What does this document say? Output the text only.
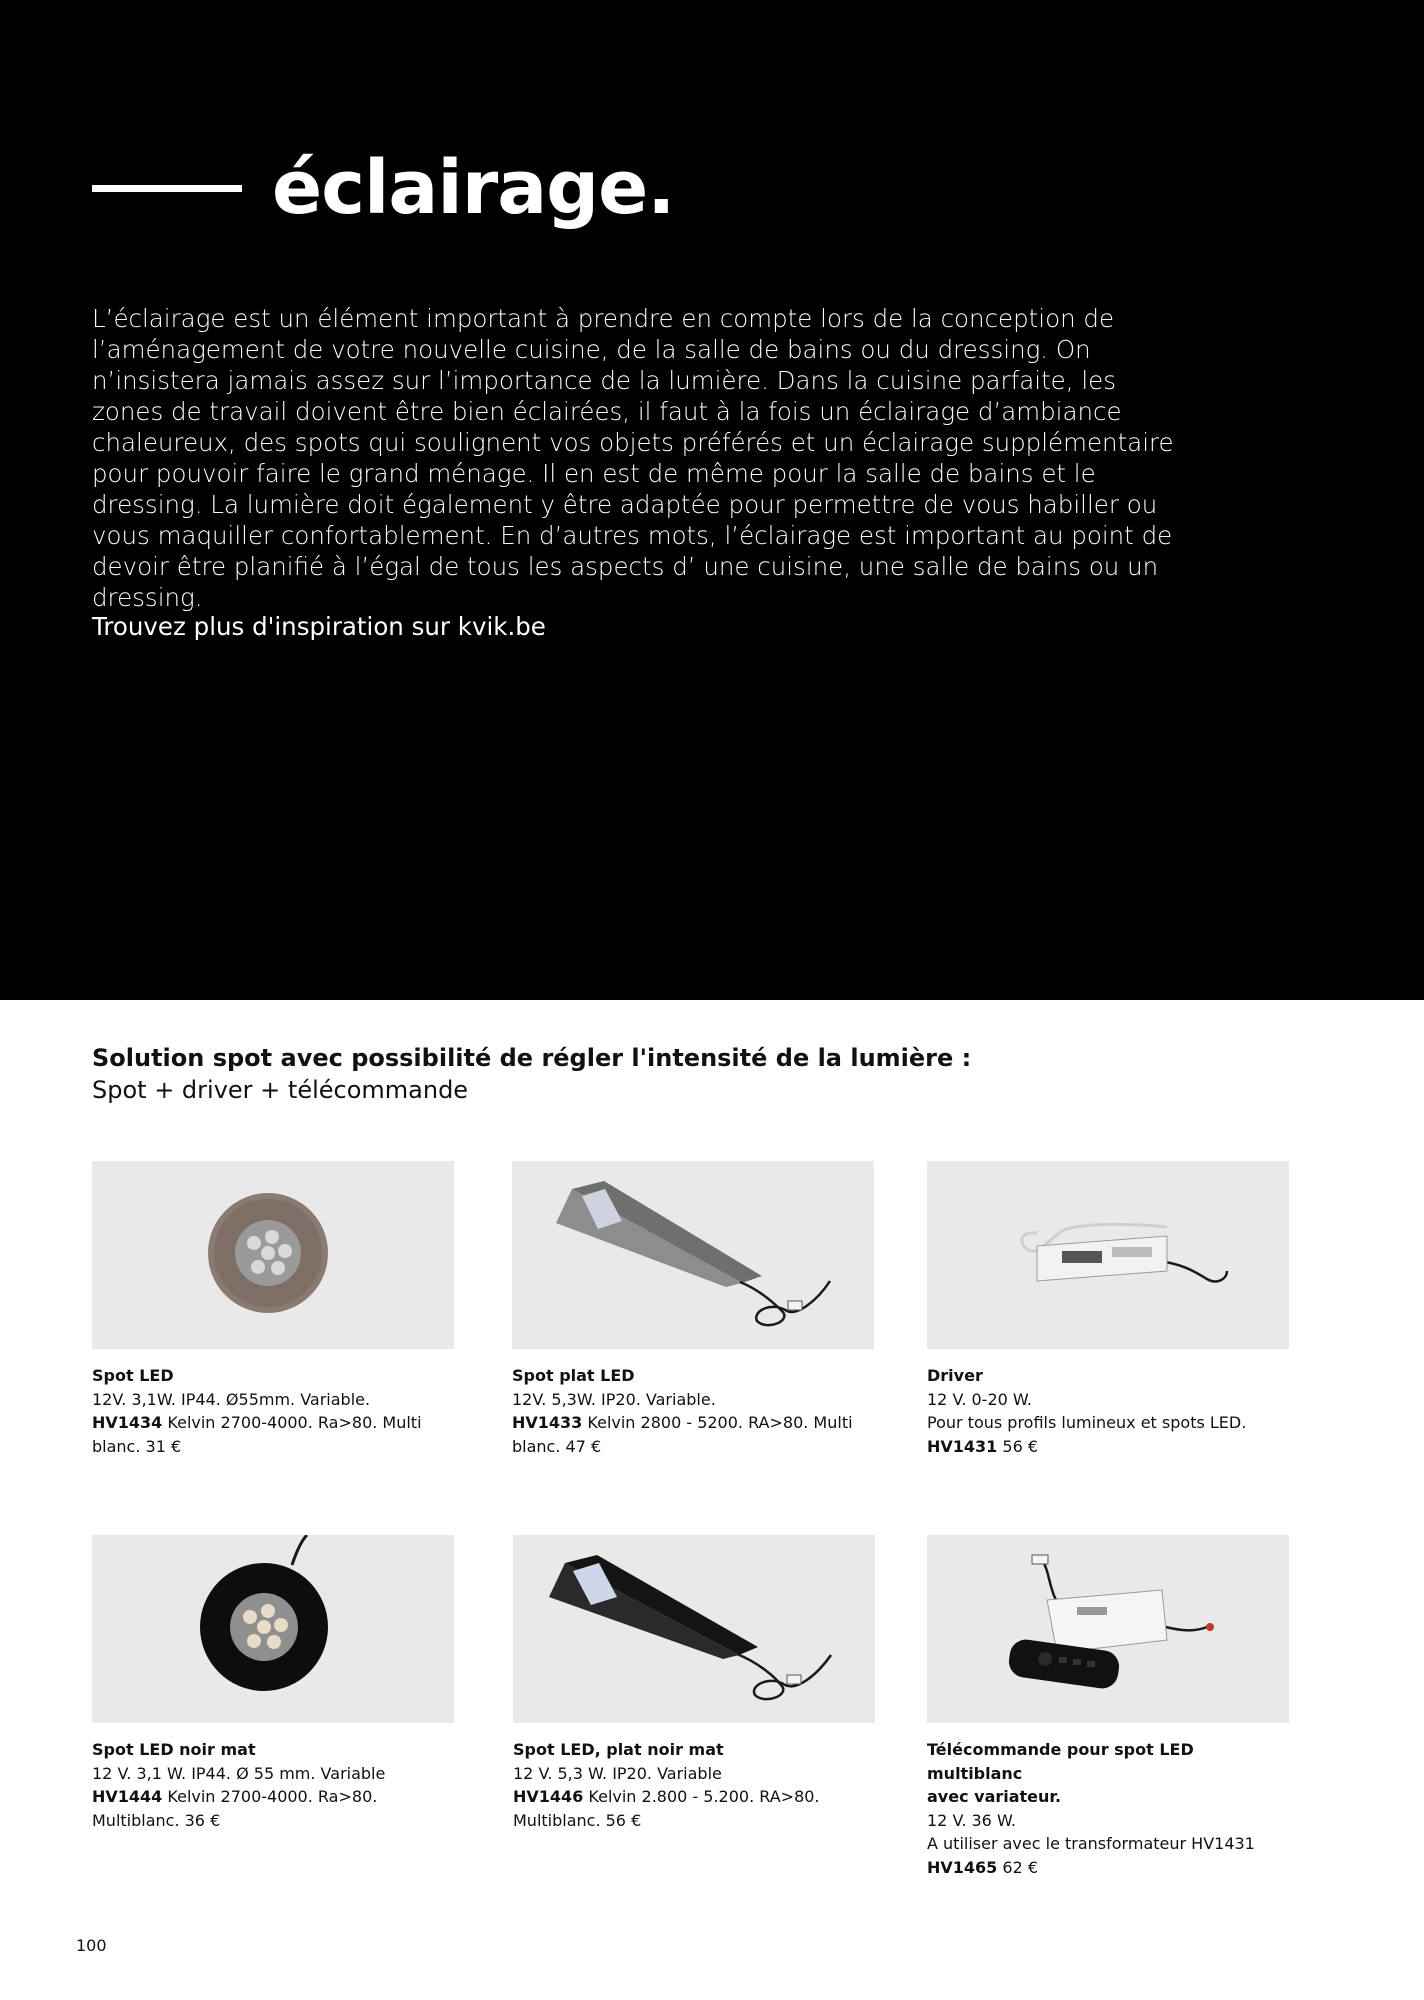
éclairage.

L’éclairage est un élément important à prendre en compte lors de la conception de l’aménagement de votre nouvelle cuisine, de la salle de bains ou du dressing. On n’insistera jamais assez sur l’importance de la lumière. Dans la cuisine parfaite, les zones de travail doivent être bien éclairées, il faut à la fois un éclairage d’ambiance chaleureux, des spots qui soulignent vos objets préférés et un éclairage supplémentaire pour pouvoir faire le grand ménage. Il en est de même pour la salle de bains et le dressing. La lumière doit également y être adaptée pour permettre de vous habiller ou vous maquiller confortablement. En d’autres mots, l’éclairage est important au point de devoir être planifié à l’égal de tous les aspects d’ une cuisine, une salle de bains ou un dressing.

Trouvez plus d'inspiration sur kvik.be

Solution spot avec possibilité de régler l'intensité de la lumière :

Spot + driver + télécommande

Spot LED
12V. 3,1W. IP44. Ø55mm. Variable.
HV1434 Kelvin 2700-4000. Ra>80. Multi
blanc. 31 €
Spot plat LED
12V. 5,3W. IP20. Variable.
HV1433 Kelvin 2800 - 5200. RA>80. Multi
blanc. 47 €
Driver
12 V. 0-20 W.
Pour tous profils lumineux et spots LED.
HV1431 56 €
Spot LED noir mat
12 V. 3,1 W. IP44. Ø 55 mm. Variable
HV1444 Kelvin 2700-4000. Ra>80.
Multiblanc. 36 €
Spot LED, plat noir mat
12 V. 5,3 W. IP20. Variable
HV1446 Kelvin 2.800 - 5.200. RA>80.
Multiblanc. 56 €
Télécommande pour spot LED multiblanc
avec variateur.
12 V. 36 W.
A utiliser avec le transformateur HV1431
HV1465 62 €
100
